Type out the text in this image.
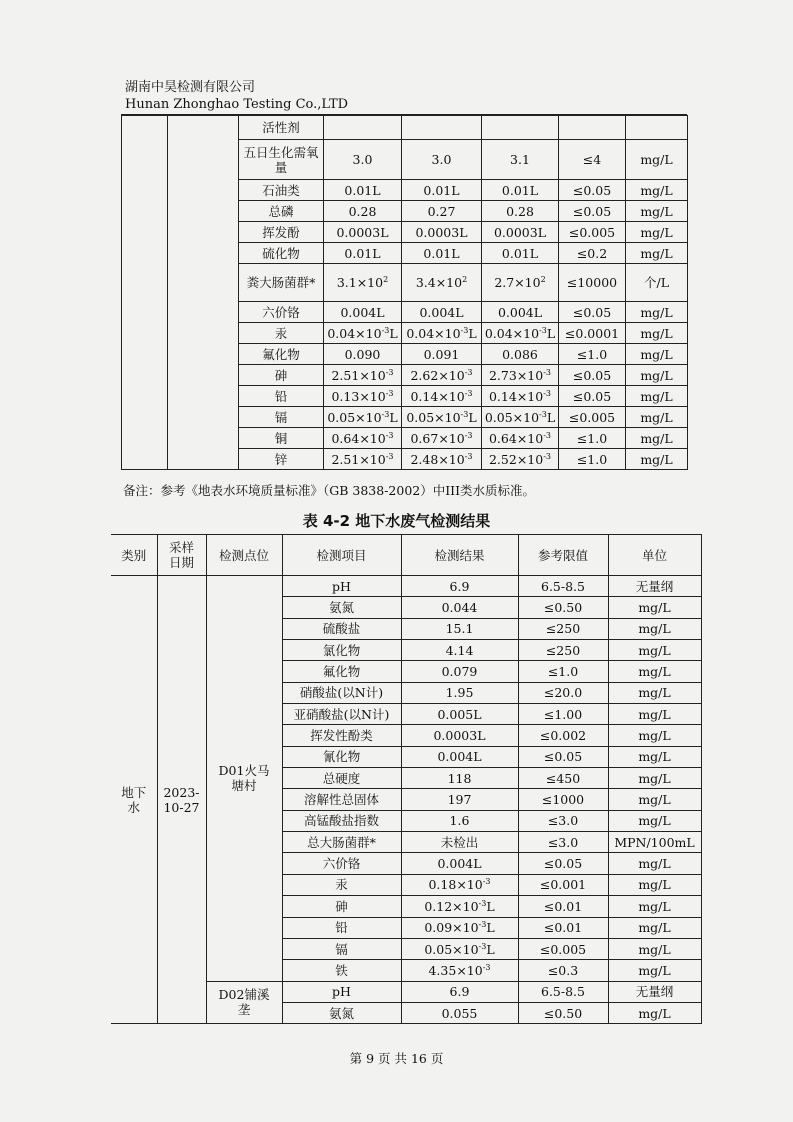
湖南中昊检测有限公司
Hunan Zhonghao Testing Co.,LTD
		活性剂					
		五日生化需氧量	3.0	3.0	3.1	≤4	mg/L
		石油类	0.01L	0.01L	0.01L	≤0.05	mg/L
		总磷	0.28	0.27	0.28	≤0.05	mg/L
		挥发酚	0.0003L	0.0003L	0.0003L	≤0.005	mg/L
		硫化物	0.01L	0.01L	0.01L	≤0.2	mg/L
		粪大肠菌群*	$3.1\times 10^2$	$3.4\times 10^2$	$2.7\times 10^2$	≤10000	个/L
		六价铬	0.004L	0.004L	0.004L	≤0.05	mg/L
		汞	$0.04\times 10^{-3}L$	$0.04\times 10^{-3}L$	$0.04\times 10^{-3}L$	≤0.0001	mg/L
		氟化物	0.090	0.091	0.086	≤1.0	mg/L
		砷	$2.51\times 10^{-3}$	$2.62\times 10^{-3}$	$2.73\times 10^{-3}$	≤0.05	mg/L
		铅	$0.13\times 10^{-3}$	$0.14\times 10^{-3}$	$0.14\times 10^{-3}$	≤0.05	mg/L
		镉	$0.05\times 10^{-3}L$	$0.05\times 10^{-3}L$	$0.05\times 10^{-3}L$	≤0.005	mg/L
		铜	$0.64\times 10^{-3}$	$0.67\times 10^{-3}$	$0.64\times 10^{-3}$	≤1.0	mg/L
		锌	$2.51\times 10^{-3}$	$2.48\times 10^{-3}$	$2.52\times 10^{-3}$	≤1.0	mg/L
备注：参考《地表水环境质量标准》（GB 3838-2002）中III类水质标准。
表 4-2 地下水废气检测结果
类别	采样日期	检测点位	检测项目	检测结果	参考限值	单位
地下水	2023-10-27	D01火马塘村	pH	6.9	6.5-8.5	无量纲
			氨氮	0.044	≤0.50	mg/L
			硫酸盐	15.1	≤250	mg/L
			氯化物	4.14	≤250	mg/L
			氟化物	0.079	≤1.0	mg/L
			硝酸盐(以N计)	1.95	≤20.0	mg/L
			亚硝酸盐(以N计)	0.005L	≤1.00	mg/L
			挥发性酚类	0.0003L	≤0.002	mg/L
			氰化物	0.004L	≤0.05	mg/L
			总硬度	118	≤450	mg/L
			溶解性总固体	197	≤1000	mg/L
			高锰酸盐指数	1.6	≤3.0	mg/L
			总大肠菌群*	未检出	≤3.0	MPN/100mL
			六价铬	0.004L	≤0.05	mg/L
			汞	$0.18\times 10^{-3}$	≤0.001	mg/L
			砷	$0.12\times 10^{-3}L$	≤0.01	mg/L
			铅	$0.09\times 10^{-3}L$	≤0.01	mg/L
			镉	$0.05\times 10^{-3}L$	≤0.005	mg/L
			铁	$4.35\times 10^{-3}$	≤0.3	mg/L
		D02铺溪垄	pH	6.9	6.5-8.5	无量纲
			氨氮	0.055	≤0.50	mg/L
第 9 页 共 16 页
